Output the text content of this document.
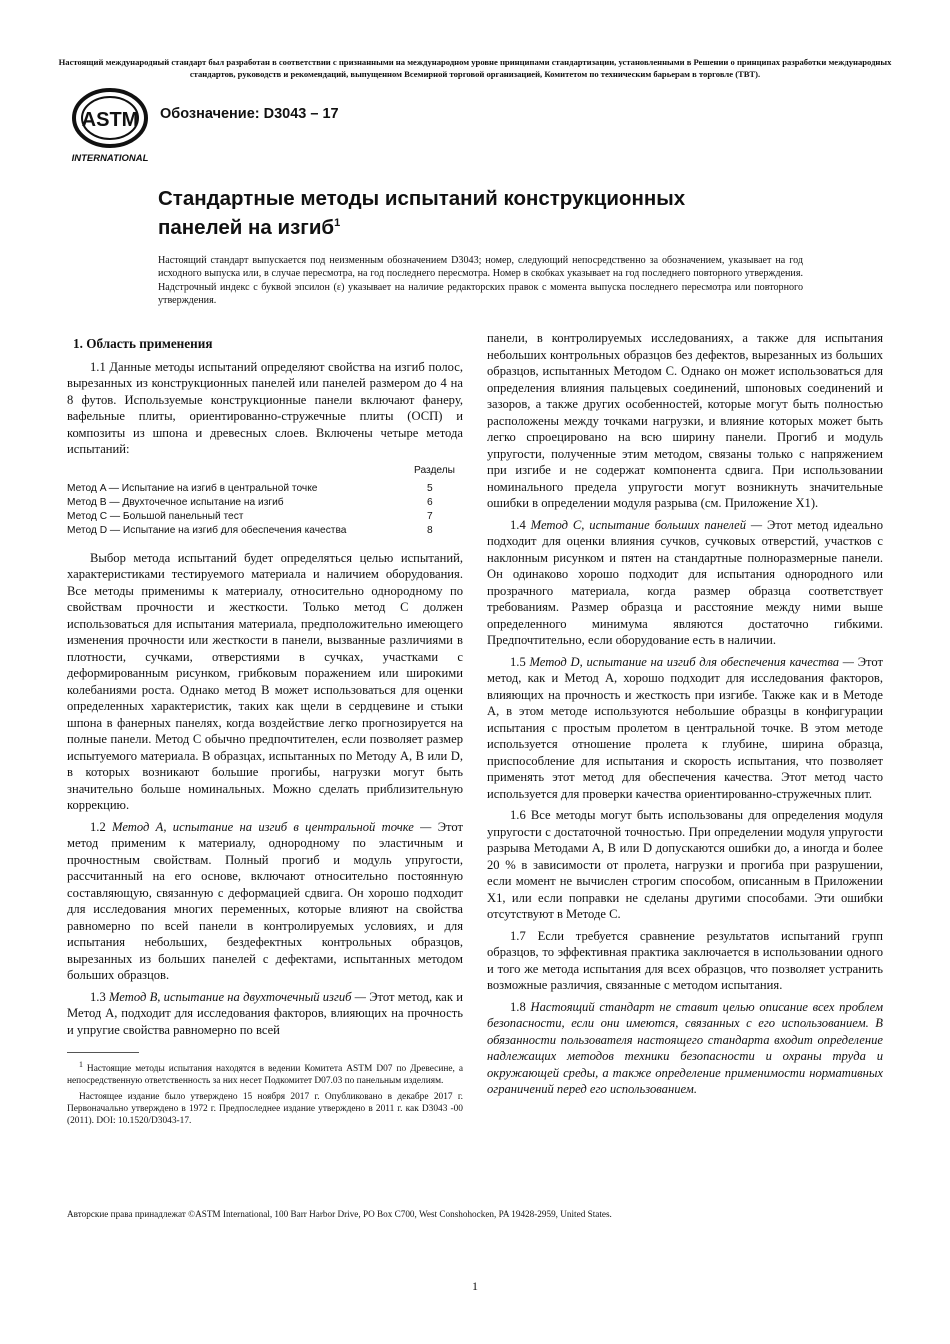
Настоящий международный стандарт был разработан в соответствии с признанными на международном уровне принципами стандартизации, установленными в Решении о принципах разработки международных стандартов, руководств и рекомендаций, выпущенном Всемирной торговой организацией, Комитетом по техническим барьерам в торговле (ТВТ).
ASTM
INTERNATIONAL
Обозначение: D3043 – 17
Стандартные методы испытаний конструкционных
панелей на изгиб$^1$
Настоящий стандарт выпускается под неизменным обозначением D3043; номер, следующий непосредственно за обозначением, указывает на год исходного выпуска или, в случае пересмотра, на год последнего пересмотра. Номер в скобках указывает на год последнего повторного утверждения. Надстрочный индекс с буквой эпсилон (ε) указывает на наличие редакторских правок с момента выпуска последнего пересмотра или повторного утверждения.
1. Область применения

1.1 Данные методы испытаний определяют свойства на изгиб полос, вырезанных из конструкционных панелей или панелей размером до 4 на 8 футов. Используемые конструкционные панели включают фанеру, вафельные плиты, ориентированно-стружечные плиты (ОСП) и композиты из шпона и древесных слоев. Включены четыре метода испытаний:

Разделы
Метод A — Испытание на изгиб в центральной точке	5
Метод B — Двухточечное испытание на изгиб	6
Метод C — Большой панельный тест	7
Метод D — Испытание на изгиб для обеспечения качества	8

Выбор метода испытаний будет определяться целью испытаний, характеристиками тестируемого материала и наличием оборудования. Все методы применимы к материалу, относительно однородному по свойствам прочности и жесткости. Только метод C должен использоваться для испытания материала, предположительно имеющего изменения прочности или жесткости в панели, вызванные различиями в плотности, сучками, отверстиями в сучках, участками с деформированным рисунком, грибковым поражением или широкими колебаниями роста. Однако метод B может использоваться для оценки определенных характеристик, таких как щели в сердцевине и стыки шпона в фанерных панелях, когда воздействие легко прогнозируется на полные панели. Метод C обычно предпочтителен, если позволяет размер испытуемого материала. В образцах, испытанных по Методу A, B или D, в которых возникают большие прогибы, нагрузки могут быть значительно больше номинальных. Можно сделать приблизительную коррекцию.

1.2 Метод A, испытание на изгиб в центральной точке — Этот метод применим к материалу, однородному по эластичным и прочностным свойствам. Полный прогиб и модуль упругости, рассчитанный на его основе, включают относительно постоянную составляющую, связанную с деформацией сдвига. Он хорошо подходит для исследования многих переменных, которые влияют на свойства равномерно по всей панели в контролируемых условиях, и для испытания небольших, бездефектных контрольных образцов, вырезанных из больших панелей с дефектами, испытанных методом больших образцов.

1.3 Метод B, испытание на двухточечный изгиб — Этот метод, как и Метод A, подходит для исследования факторов, влияющих на прочность и упругие свойства равномерно по всей

$^1$ Настоящие методы испытания находятся в ведении Комитета ASTM D07 по Древесине, а непосредственную ответственность за них несет Подкомитет D07.03 по панельным изделиям.

Настоящее издание было утверждено 15 ноября 2017 г. Опубликовано в декабре 2017 г. Первоначально утверждено в 1972 г. Предпоследнее издание утверждено в 2011 г. как D3043 -00 (2011). DOI: 10.1520/D3043-17.

панели, в контролируемых исследованиях, а также для испытания небольших контрольных образцов без дефектов, вырезанных из больших образцов, испытанных Методом C. Однако он может использоваться для определения влияния пальцевых соединений, шпоновых соединений и зазоров, а также других особенностей, которые могут быть полностью расположены между точками нагрузки, и влияние которых может быть легко спроецировано на всю ширину панели. Прогиб и модуль упругости, полученные этим методом, связаны только с напряжением при изгибе и не содержат компонента сдвига. При использовании номинального предела упругости могут возникнуть значительные ошибки в определении модуля разрыва (см. Приложение X1).

1.4 Метод C, испытание больших панелей — Этот метод идеально подходит для оценки влияния сучков, сучковых отверстий, участков с наклонным рисунком и пятен на стандартные полноразмерные панели. Он одинаково хорошо подходит для испытания однородного или прозрачного материала, когда размер образца соответствует требованиям. Размер образца и расстояние между ними выше определенного минимума являются достаточно гибкими. Предпочтительно, если оборудование есть в наличии.

1.5 Метод D, испытание на изгиб для обеспечения качества — Этот метод, как и Метод A, хорошо подходит для исследования факторов, влияющих на прочность и жесткость при изгибе. Также как и в Методе A, в этом методе используются небольшие образцы в конфигурации испытания с простым пролетом в центральной точке. В этом методе используется отношение пролета к глубине, ширина образца, приспособление для испытания и скорость испытания, что позволяет применять этот метод для обеспечения качества. Этот метод часто используется для проверки качества ориентированно-стружечных плит.

1.6 Все методы могут быть использованы для определения модуля упругости с достаточной точностью. При определении модуля упругости разрыва Методами A, B или D допускаются ошибки до, а иногда и более 20 % в зависимости от пролета, нагрузки и прогиба при разрушении, если момент не вычислен строгим способом, описанным в Приложении X1, или если поправки не сделаны другими способами. Эти ошибки отсутствуют в Методе C.

1.7 Если требуется сравнение результатов испытаний групп образцов, то эффективная практика заключается в использовании одного и того же метода испытания для всех образцов, что позволяет устранить возможные различия, связанные с методом испытания.

1.8 Настоящий стандарт не ставит целью описание всех проблем безопасности, если они имеются, связанных с его использованием. В обязанности пользователя настоящего стандарта входит определение надлежащих методов техники безопасности и охраны труда и окружающей среды, а также определение применимости нормативных ограничений перед его использованием.

Авторские права принадлежат ©ASTM International, 100 Barr Harbor Drive, PO Box C700, West Conshohocken, PA 19428-2959, United States.
1
